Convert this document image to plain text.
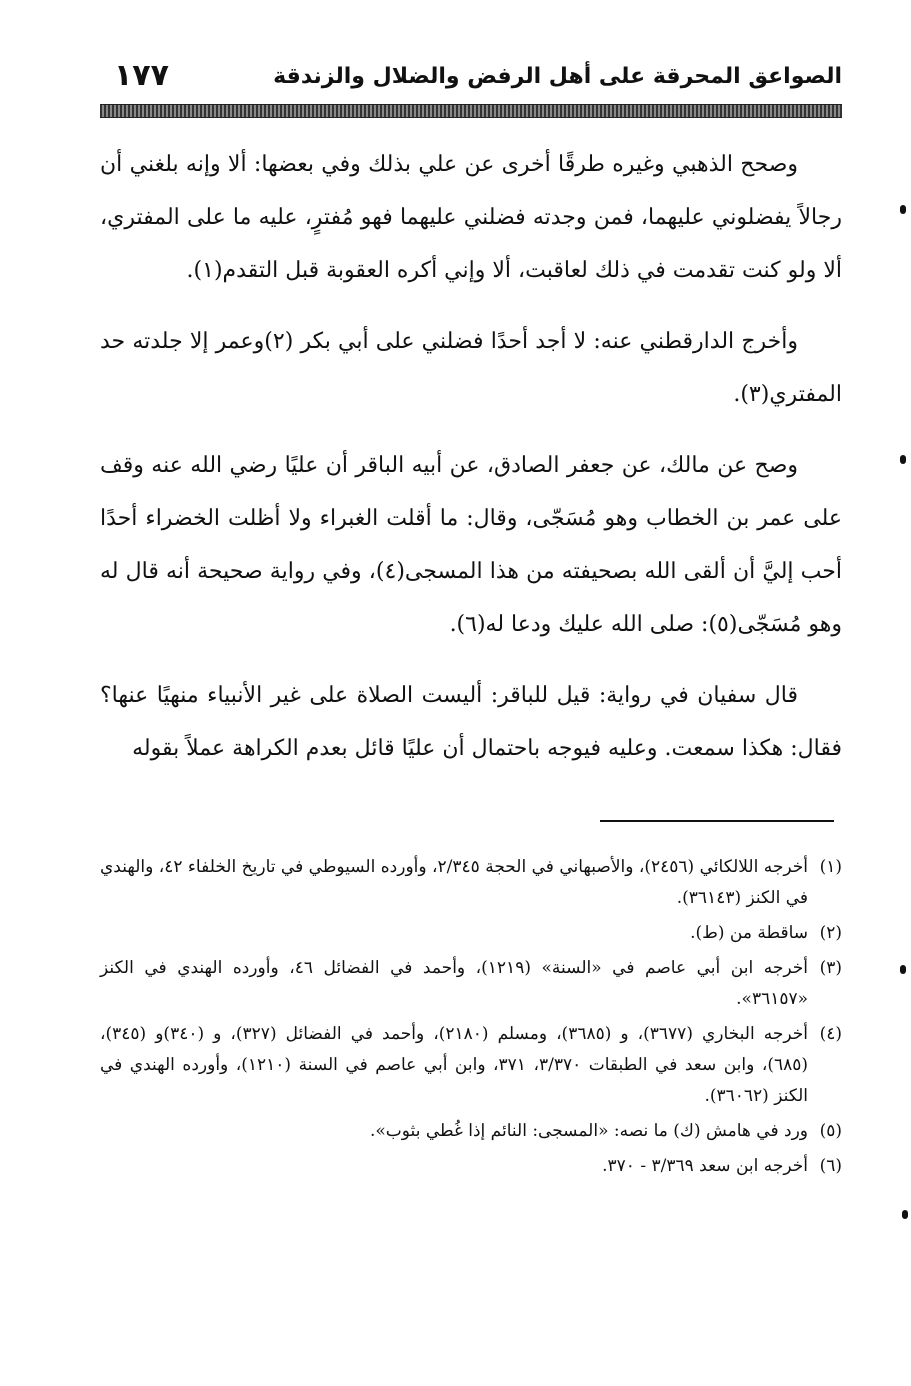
الصواعق المحرقة على أهل الرفض والضلال والزندقة
١٧٧

وصحح الذهبي وغيره طرقًا أخرى عن علي بذلك وفي بعضها: ألا وإنه بلغني أن رجالاً يفضلوني عليهما، فمن وجدته فضلني عليهما فهو مُفترٍ، عليه ما على المفتري، ألا ولو كنت تقدمت في ذلك لعاقبت، ألا وإني أكره العقوبة قبل التقدم(١).

وأخرج الدارقطني عنه: لا أجد أحدًا فضلني على أبي بكر (٢)وعمر إلا جلدته حد المفتري(٣).

وصح عن مالك، عن جعفر الصادق، عن أبيه الباقر أن عليًا رضي الله عنه وقف على عمر بن الخطاب وهو مُسَجّى، وقال: ما أقلت الغبراء ولا أظلت الخضراء أحدًا أحب إليَّ أن ألقى الله بصحيفته من هذا المسجى(٤)، وفي رواية صحيحة أنه قال له وهو مُسَجّى(٥): صلى الله عليك ودعا له(٦).

قال سفيان في رواية: قيل للباقر: أليست الصلاة على غير الأنبياء منهيًا عنها؟ فقال: هكذا سمعت. وعليه فيوجه باحتمال أن عليًا قائل بعدم الكراهة عملاً بقوله

(١)
أخرجه اللالكائي (٢٤٥٦)، والأصبهاني في الحجة ٢/٣٤٥، وأورده السيوطي في تاريخ الخلفاء ٤٢، والهندي في الكنز (٣٦١٤٣).
(٢)
ساقطة من (ط).
(٣)
أخرجه ابن أبي عاصم في «السنة» (١٢١٩)، وأحمد في الفضائل ٤٦، وأورده الهندي في الكنز «٣٦١٥٧».
(٤)
أخرجه البخاري (٣٦٧٧)، و (٣٦٨٥)، ومسلم (٢١٨٠)، وأحمد في الفضائل (٣٢٧)، و (٣٤٠)و (٣٤٥)، (٦٨٥)، وابن سعد في الطبقات ٣/٣٧٠، ٣٧١، وابن أبي عاصم في السنة (١٢١٠)، وأورده الهندي في الكنز (٣٦٠٦٢).
(٥)
ورد في هامش (ك) ما نصه: «المسجى: النائم إذا غُطي بثوب».
(٦)
أخرجه ابن سعد ٣/٣٦٩ - ٣٧٠.
